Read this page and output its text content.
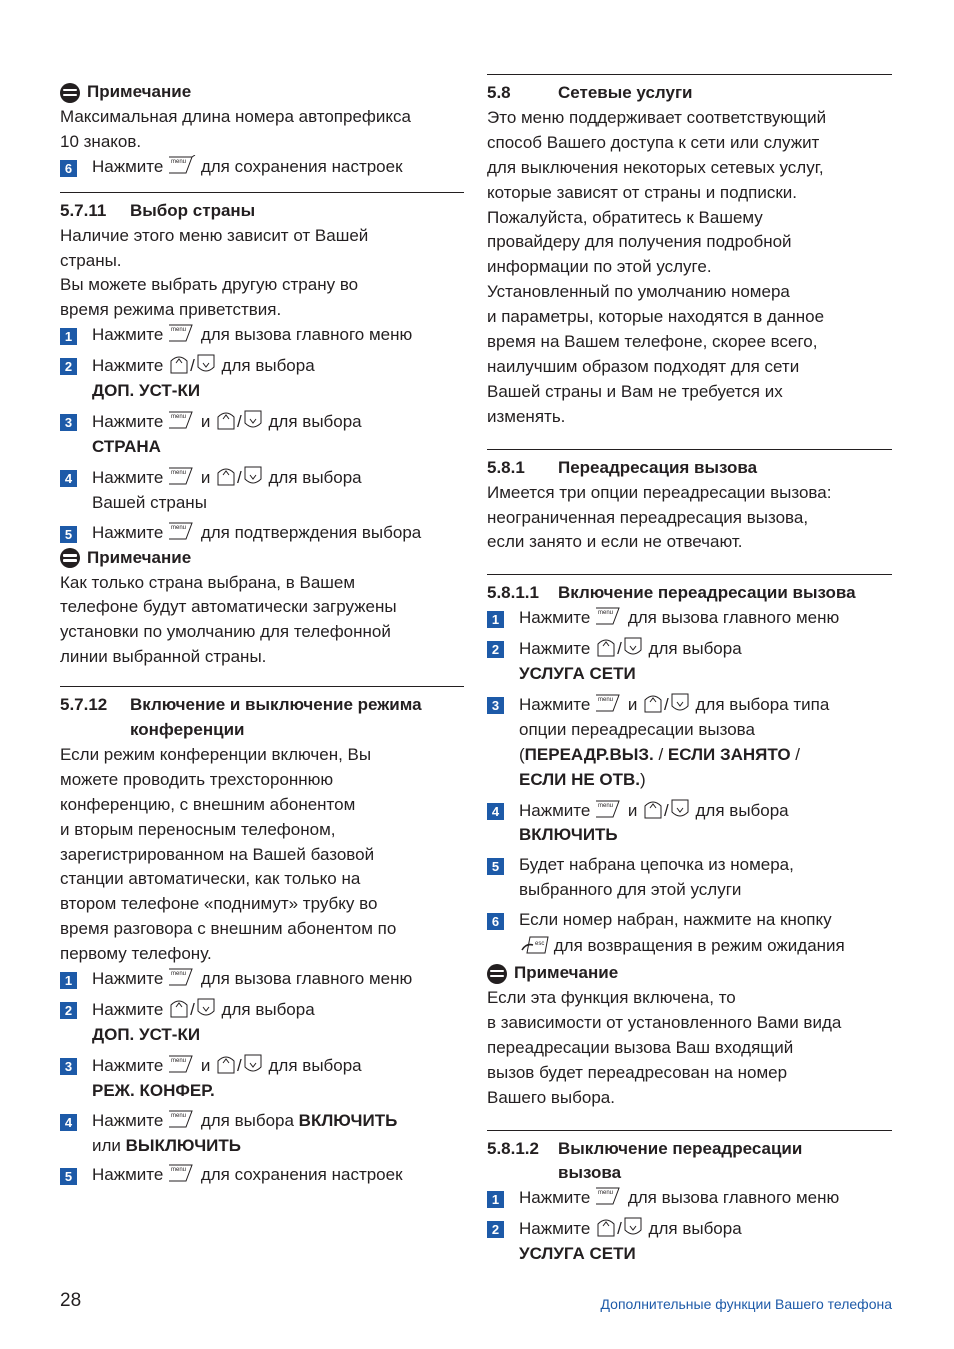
Примечание
Максимальная длина номера автопрефикса
10 знаков.
6 Нажмите menu для сохранения настроек
5.7.11	Выбор страны
Наличие этого меню зависит от Вашей
страны.
Вы можете выбрать другую страну во
время режима приветствия.
1 Нажмите menu для вызова главного меню
2 Нажмите / для выбора
ДОП. УСТ-КИ
3 Нажмите menu и / для выбора
СТРАНА
4 Нажмите menu и / для выбора
Вашей страны
5 Нажмите menu для подтверждения выбора
Примечание
Как только страна выбрана, в Вашем
телефоне будут автоматически загружены
установки по умолчанию для телефонной
линии выбранной страны.
5.7.12	Включение и выключение режима
конференции
Если режим конференции включен, Вы
можете проводить трехстороннюю
конференцию, с внешним абонентом
и вторым переносным телефоном,
зарегистрированном на Вашей базовой
станции автоматически, как только на
втором телефоне «поднимут» трубку во
время разговора с внешним абонентом по
первому телефону.
1 Нажмите menu для вызова главного меню
2 Нажмите / для выбора
ДОП. УСТ-КИ
3 Нажмите menu и / для выбора
РЕЖ. КОНФЕР.
4 Нажмите menu для выбора ВКЛЮЧИТЬ
или ВЫКЛЮЧИТЬ
5 Нажмите menu для сохранения настроек
5.8	Сетевые услуги
Это меню поддерживает соответствующий
способ Вашего доступа к сети или служит
для выключения некоторых сетевых услуг,
которые зависят от страны и подписки.
Пожалуйста, обратитесь к Вашему
провайдеру для получения подробной
информации по этой услуге.
Установленный по умолчанию номера
и параметры, которые находятся в данное
время на Вашем телефоне, скорее всего,
наилучшим образом подходят для сети
Вашей страны и Вам не требуется их
изменять.
5.8.1	Переадресация вызова
Имеется три опции переадресации вызова:
неограниченная переадресация вызова,
если занято и если не отвечают.
5.8.1.1	Включение переадресации вызова
1 Нажмите menu для вызова главного меню
2 Нажмите / для выбора
УСЛУГА СЕТИ
3 Нажмите menu и / для выбора типа
опции переадресации вызова
(ПЕРЕАДР.ВЫЗ. / ЕСЛИ ЗАНЯТО /
ЕСЛИ НЕ ОТВ.)
4 Нажмите menu и / для выбора
ВКЛЮЧИТЬ
5 Будет набрана цепочка из номера,
выбранного для этой услуги
6 Если номер набран, нажмите на кнопку

esc для возвращения в режим ожидания
Примечание
Если эта функция включена, то
в зависимости от установленного Вами вида
переадресации вызова Ваш входящий
вызов будет переадресован на номер
Вашего выбора.
5.8.1.2	Выключение переадресации
вызова
1 Нажмите menu для вызова главного меню
2 Нажмите / для выбора
УСЛУГА СЕТИ
28	Дополнительные функции Вашего телефона
